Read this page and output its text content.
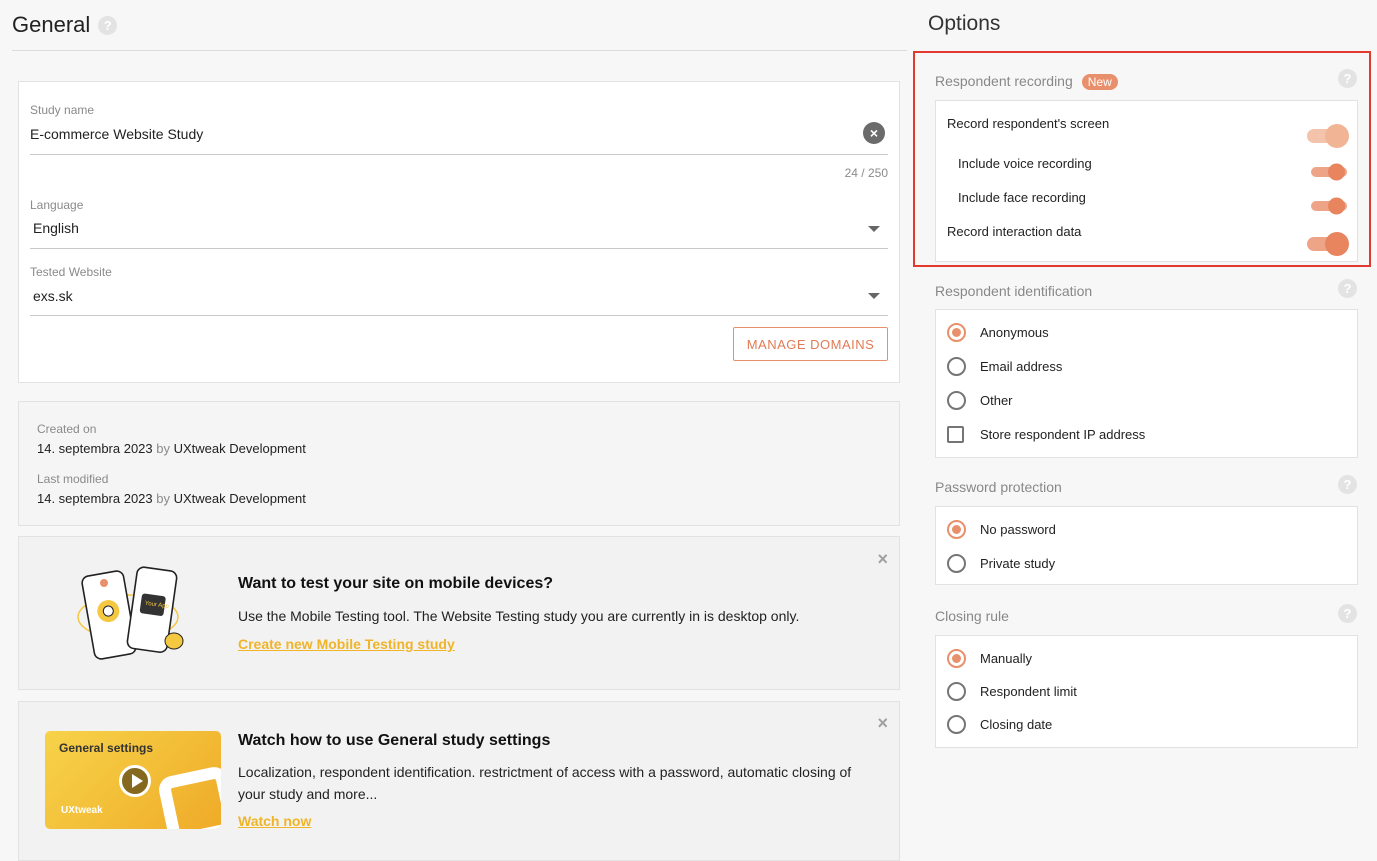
General	?
Study name
E-commerce Website Study	×
24 / 250
Language
English
Tested Website
exs.sk
MANAGE DOMAINS
Created on
14. septembra 2023 by UXtweak Development
Last modified
14. septembra 2023 by UXtweak Development
Your App
Want to test your site on mobile devices?
Use the Mobile Testing tool. The Website Testing study you are currently in is desktop only.
Create new Mobile Testing study
×
General settings
UXtweak
Watch how to use General study settings
Localization, respondent identification. restrictment of access with a password, automatic closing of your study and more...
Watch now
×
Options
Respondent recording New	?
Record respondent's screen
Include voice recording
Include face recording
Record interaction data
Respondent identification	?
Anonymous
Email address
Other
Store respondent IP address
Password protection	?
No password
Private study
Closing rule	?
Manually
Respondent limit
Closing date
